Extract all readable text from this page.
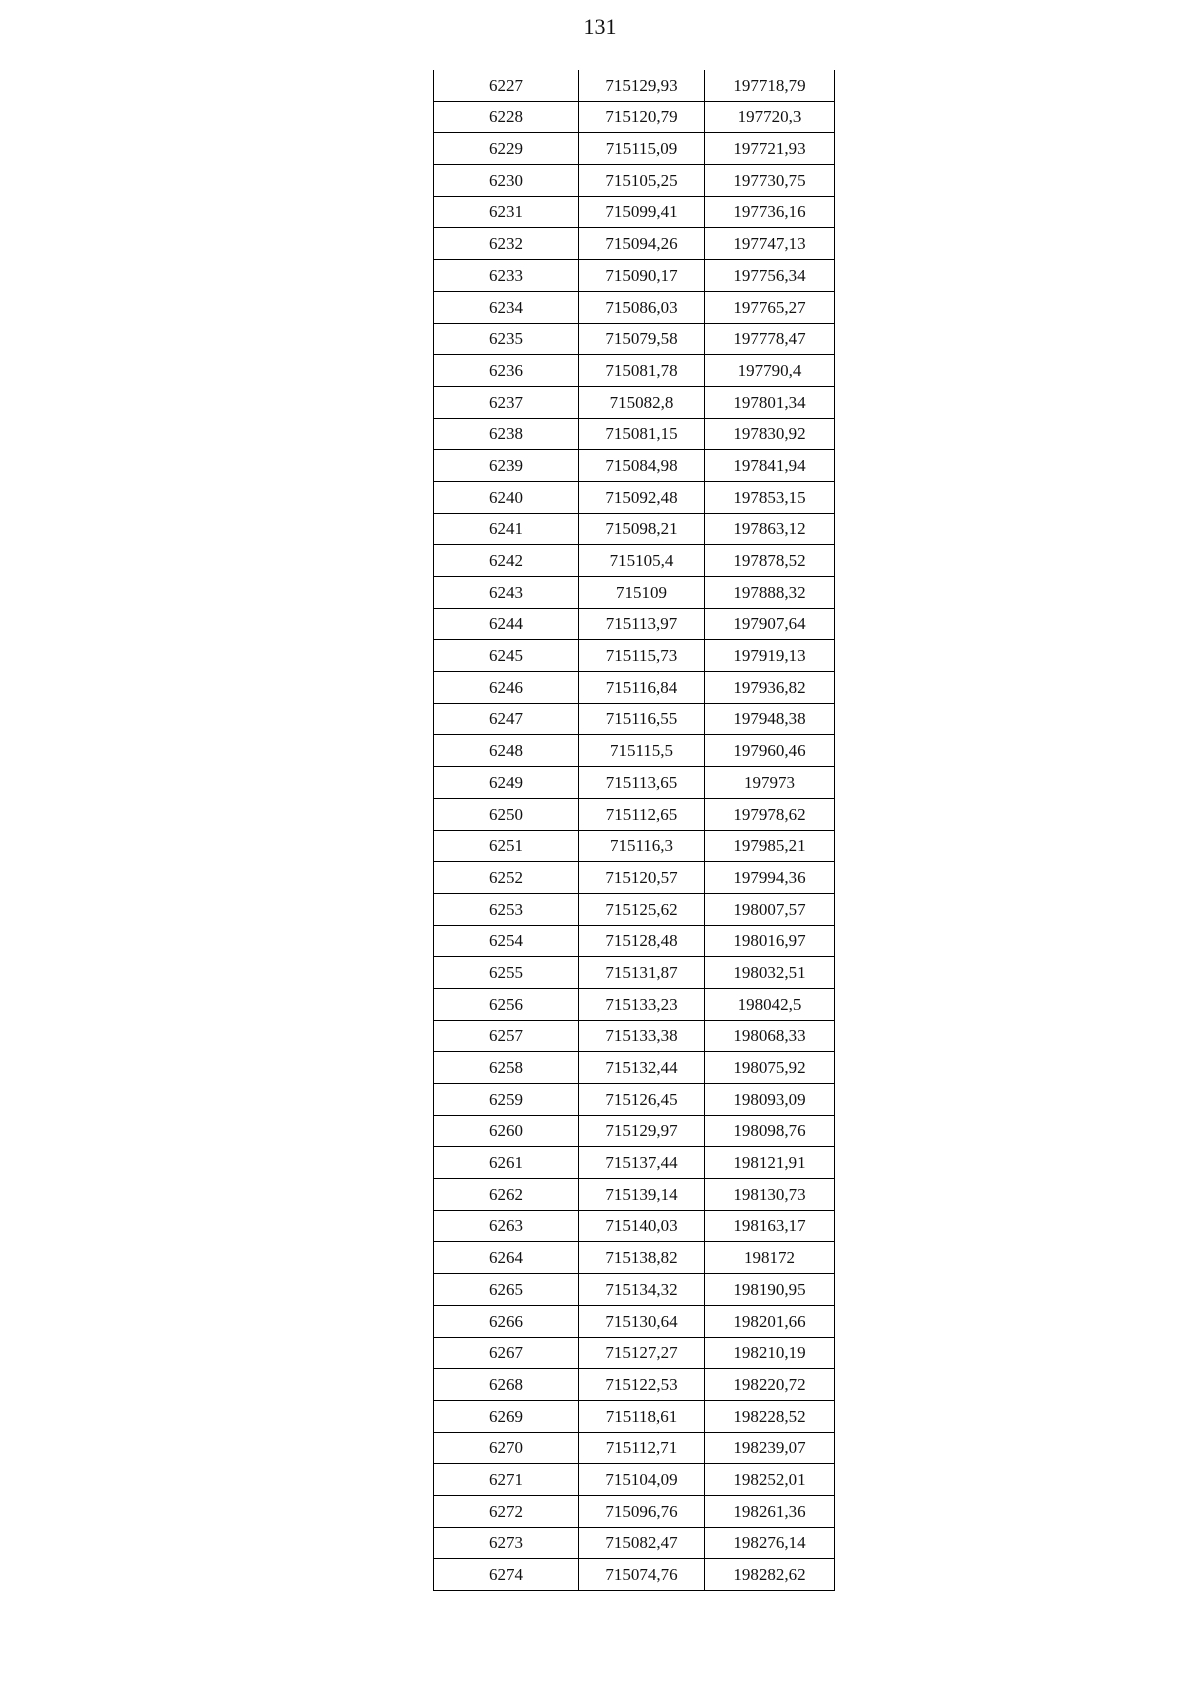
131
6227	715129,93	197718,79
6228	715120,79	197720,3
6229	715115,09	197721,93
6230	715105,25	197730,75
6231	715099,41	197736,16
6232	715094,26	197747,13
6233	715090,17	197756,34
6234	715086,03	197765,27
6235	715079,58	197778,47
6236	715081,78	197790,4
6237	715082,8	197801,34
6238	715081,15	197830,92
6239	715084,98	197841,94
6240	715092,48	197853,15
6241	715098,21	197863,12
6242	715105,4	197878,52
6243	715109	197888,32
6244	715113,97	197907,64
6245	715115,73	197919,13
6246	715116,84	197936,82
6247	715116,55	197948,38
6248	715115,5	197960,46
6249	715113,65	197973
6250	715112,65	197978,62
6251	715116,3	197985,21
6252	715120,57	197994,36
6253	715125,62	198007,57
6254	715128,48	198016,97
6255	715131,87	198032,51
6256	715133,23	198042,5
6257	715133,38	198068,33
6258	715132,44	198075,92
6259	715126,45	198093,09
6260	715129,97	198098,76
6261	715137,44	198121,91
6262	715139,14	198130,73
6263	715140,03	198163,17
6264	715138,82	198172
6265	715134,32	198190,95
6266	715130,64	198201,66
6267	715127,27	198210,19
6268	715122,53	198220,72
6269	715118,61	198228,52
6270	715112,71	198239,07
6271	715104,09	198252,01
6272	715096,76	198261,36
6273	715082,47	198276,14
6274	715074,76	198282,62
